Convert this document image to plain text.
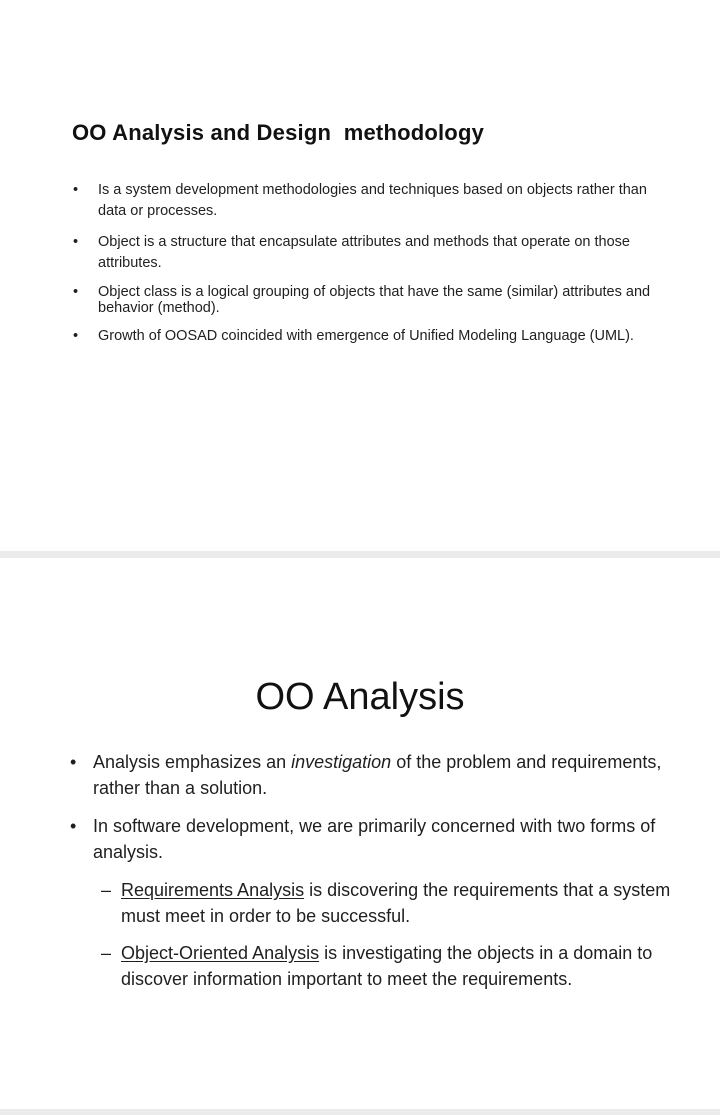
OO Analysis and Design  methodology
•	Is a system development methodologies and techniques based on objects rather than data or processes.
•	Object is a structure that encapsulate attributes and methods that operate on those attributes.
•	Object class is a logical grouping of objects that have the same (similar) attributes and behavior (method).
•	Growth of OOSAD coincided with emergence of Unified Modeling Language (UML).
OO Analysis
• Analysis emphasizes an investigation of the problem and requirements, rather than a solution.
• In software development, we are primarily concerned with two forms of analysis.
– Requirements Analysis is discovering the requirements that a system must meet in order to be successful.
– Object-Oriented Analysis is investigating the objects in a domain to discover information important to meet the requirements.
